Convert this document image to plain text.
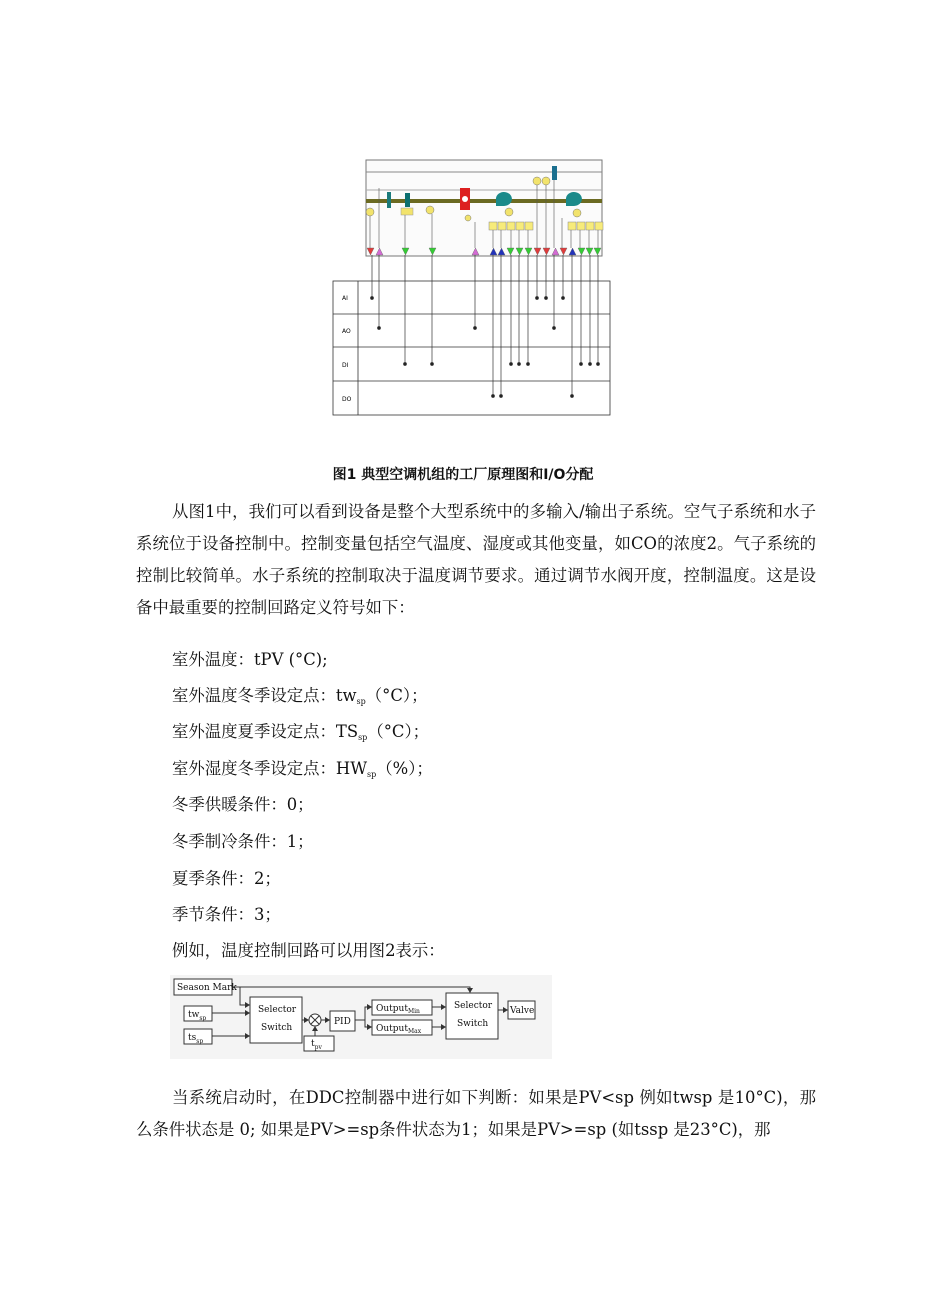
AI
AO
DI
DO
图1 典型空调机组的工厂原理图和I/O分配
从图1中，我们可以看到设备是整个大型系统中的多输入/输出子系统。空气子系统和水子系统位于设备控制中。控制变量包括空气温度、湿度或其他变量，如CO的浓度2。气子系统的控制比较简单。水子系统的控制取决于温度调节要求。通过调节水阀开度，控制温度。这是设备中最重要的控制回路定义符号如下：
室外温度：tPV (°C);
室外温度冬季设定点：$tw_{sp}(^\circ C)$；
室外温度夏季设定点：$TS_{sp}(^\circ C)$；
室外湿度冬季设定点：$HW_{sp}(\%)$；
冬季供暖条件：0；
冬季制冷条件：1；
夏季条件：2；
季节条件：3；
例如，温度控制回路可以用图2表示：
Season Mark
$tw_{sp}$
$ts_{sp}$
Selector
Switch
PID
$t_{pv}$
Output$_{Min}$
Output$_{Max}$
Selector
Switch
Valve
当系统启动时，在DDC控制器中进行如下判断：如果是PV<sp 例如twsp 是10°C)，那么条件状态是 0; 如果是PV>=sp条件状态为1；如果是PV>=sp (如tssp 是23°C)，那
